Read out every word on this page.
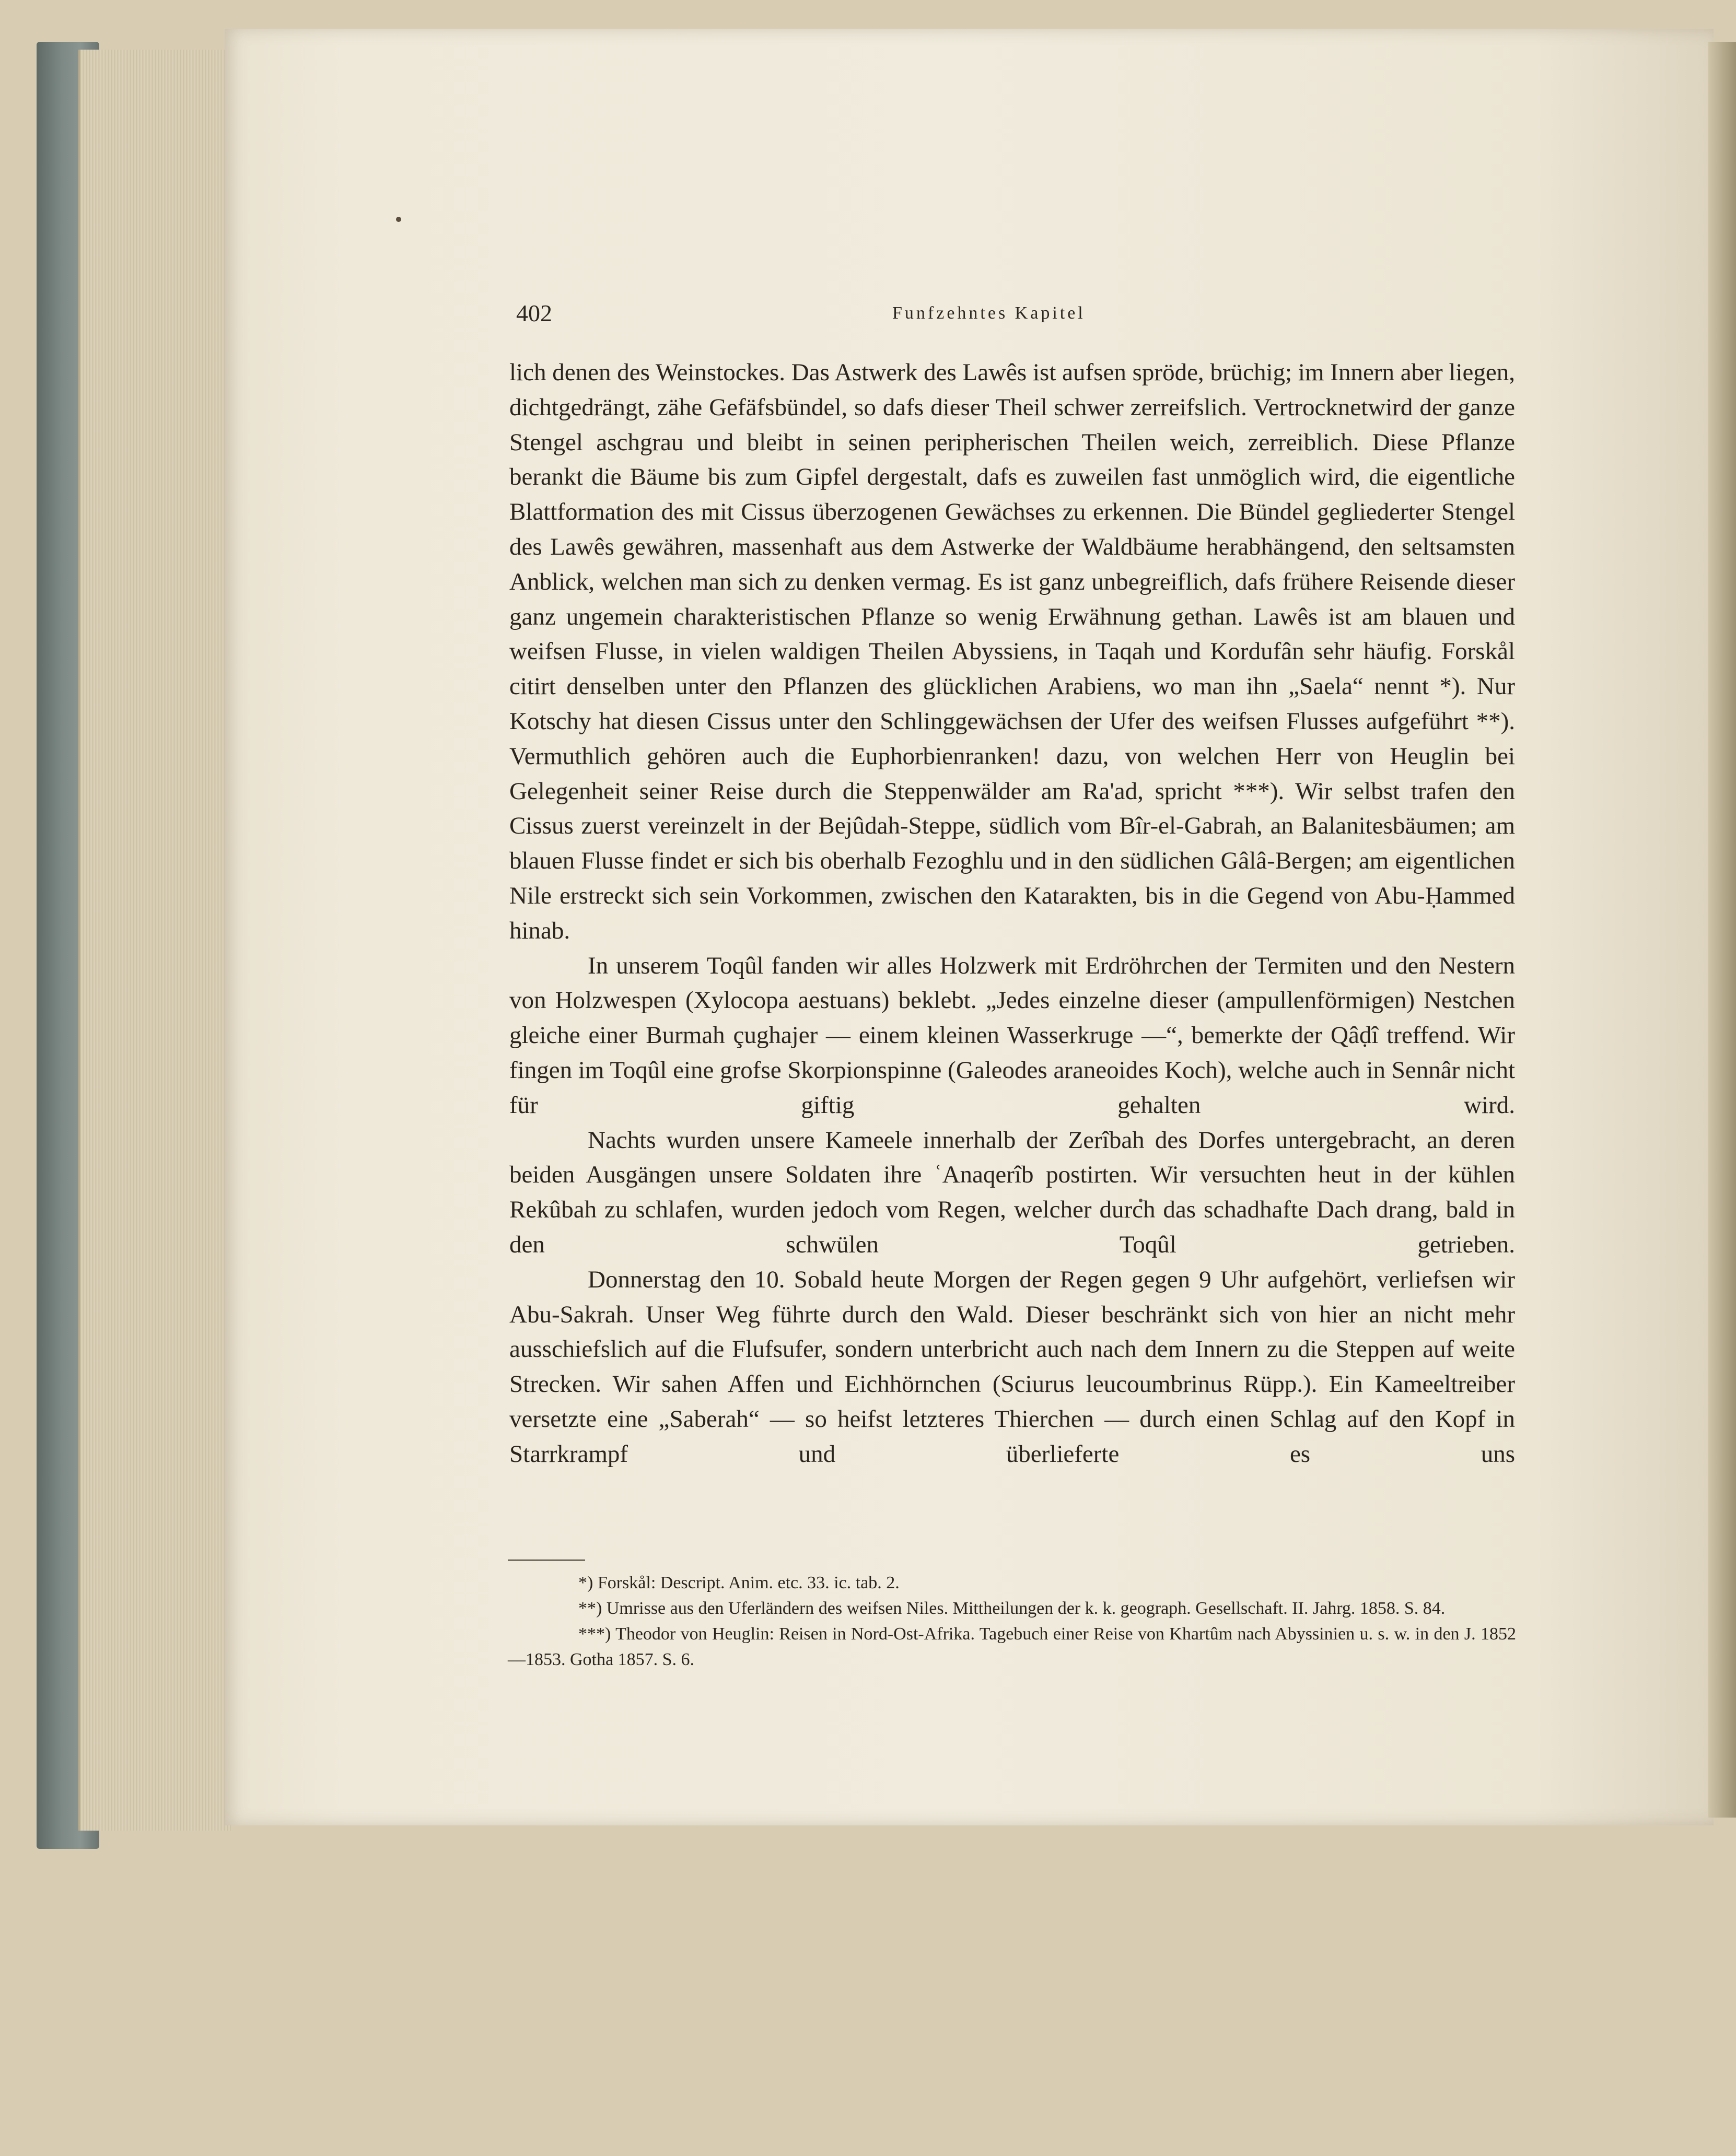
402	Funfzehntes Kapitel

lich denen des Weinstockes. Das Astwerk des Lawês ist aufsen spröde, brüchig; im Innern aber liegen, dichtgedrängt, zähe Gefäfsbündel, so dafs dieser Theil schwer zerreifslich. Vertrocknetwird der ganze Stengel aschgrau und bleibt in seinen peripherischen Theilen weich, zerreiblich. Diese Pflanze berankt die Bäume bis zum Gipfel dergestalt, dafs es zuweilen fast unmöglich wird, die eigentliche Blattformation des mit Cissus überzogenen Gewächses zu erkennen. Die Bündel gegliederter Stengel des Lawês gewähren, massenhaft aus dem Astwerke der Waldbäume herabhängend, den seltsamsten Anblick, welchen man sich zu denken vermag. Es ist ganz unbegreiflich, dafs frühere Reisende dieser ganz ungemein charakteristischen Pflanze so wenig Erwähnung gethan. Lawês ist am blauen und weifsen Flusse, in vielen waldigen Theilen Abyssiens, in Taqah und Kordufân sehr häufig. Forskål citirt denselben unter den Pflanzen des glücklichen Arabiens, wo man ihn „Saela“ nennt *). Nur Kotschy hat diesen Cissus unter den Schlinggewächsen der Ufer des weifsen Flusses aufgeführt **). Vermuthlich gehören auch die Euphorbienranken! dazu, von welchen Herr von Heuglin bei Gelegenheit seiner Reise durch die Steppenwälder am Ra'ad, spricht ***). Wir selbst trafen den Cissus zuerst vereinzelt in der Bejûdah-Steppe, südlich vom Bîr-el-Gabrah, an Balanitesbäumen; am blauen Flusse findet er sich bis oberhalb Fezoghlu und in den südlichen Gâlâ-Bergen; am eigentlichen Nile erstreckt sich sein Vorkommen, zwischen den Katarakten, bis in die Gegend von Abu-Ḥammed hinab.

In unserem Toqûl fanden wir alles Holzwerk mit Erdröhrchen der Termiten und den Nestern von Holzwespen (Xylocopa aestuans) beklebt. „Jedes einzelne dieser (ampullenförmigen) Nestchen gleiche einer Burmah çughajer — einem kleinen Wasserkruge —“, bemerkte der Qâḍî treffend. Wir fingen im Toqûl eine grofse Skorpionspinne (Galeodes araneoides Koch), welche auch in Sennâr nicht für giftig gehalten wird.

Nachts wurden unsere Kameele innerhalb der Zerîbah des Dorfes untergebracht, an deren beiden Ausgängen unsere Soldaten ihre ʿAnaqerîb postirten. Wir versuchten heut in der kühlen Rekûbah zu schlafen, wurden jedoch vom Regen, welcher durch das schadhafte Dach drang, bald in den schwülen Toqûl getrieben.

Donnerstag den 10. Sobald heute Morgen der Regen gegen 9 Uhr aufgehört, verliefsen wir Abu-Sakrah. Unser Weg führte durch den Wald. Dieser beschränkt sich von hier an nicht mehr ausschiefslich auf die Flufsufer, sondern unterbricht auch nach dem Innern zu die Steppen auf weite Strecken. Wir sahen Affen und Eichhörnchen (Sciurus leucoumbrinus Rüpp.). Ein Kameeltreiber versetzte eine „Saberah“ — so heifst letzteres Thierchen — durch einen Schlag auf den Kopf in Starrkrampf und überlieferte es uns

*) Forskål: Descript. Anim. etc. 33. ic. tab. 2.

**) Umrisse aus den Uferländern des weifsen Niles. Mittheilungen der k. k. geograph. Gesellschaft. II. Jahrg. 1858. S. 84.

***) Theodor von Heuglin: Reisen in Nord-Ost-Afrika. Tagebuch einer Reise von Khartûm nach Abyssinien u. s. w. in den J. 1852—1853. Gotha 1857. S. 6.
